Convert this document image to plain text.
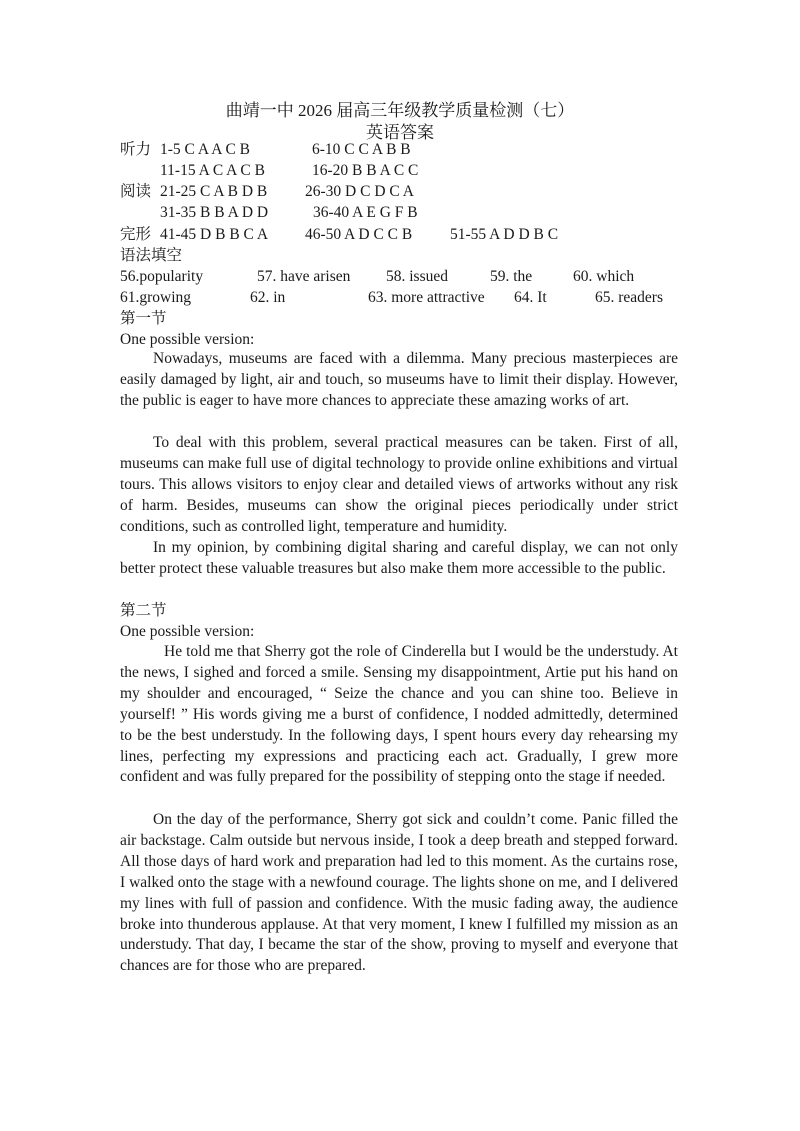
曲靖一中 2026 届高三年级教学质量检测（七）
英语答案
听力 1-5 C A A C B	6-10 C C A B B
11-15 A C A C B	16-20 B B A C C
阅读 21-25 C A B D B 26-30 D C D C A
31-35 B B A D D	36-40 A E G F B
完形 41-45 D B B C A 46-50 A D C C B 51-55 A D D B C
语法填空
56.popularity	57. have arisen 58. issued	59. the	60. which
61.growing	62. in	63. more attractive 64. It	65. readers
第一节
One possible version:
Nowadays, museums are faced with a dilemma. Many precious masterpieces are easily damaged by light, air and touch, so museums have to limit their display. However, the public is eager to have more chances to appreciate these amazing works of art.
To deal with this problem, several practical measures can be taken. First of all, museums can make full use of digital technology to provide online exhibitions and virtual tours. This allows visitors to enjoy clear and detailed views of artworks without any risk of harm. Besides, museums can show the original pieces periodically under strict conditions, such as controlled light, temperature and humidity.
In my opinion, by combining digital sharing and careful display, we can not only better protect these valuable treasures but also make them more accessible to the public.
第二节
One possible version:
He told me that Sherry got the role of Cinderella but I would be the understudy. At the news, I sighed and forced a smile. Sensing my disappointment, Artie put his hand on my shoulder and encouraged, “ Seize the chance and you can shine too. Believe in yourself! ” His words giving me a burst of confidence, I nodded admittedly, determined to be the best understudy. In the following days, I spent hours every day rehearsing my lines, perfecting my expressions and practicing each act. Gradually, I grew more confident and was fully prepared for the possibility of stepping onto the stage if needed.
On the day of the performance, Sherry got sick and couldn’t come. Panic filled the air backstage. Calm outside but nervous inside, I took a deep breath and stepped forward. All those days of hard work and preparation had led to this moment. As the curtains rose, I walked onto the stage with a newfound courage. The lights shone on me, and I delivered my lines with full of passion and confidence. With the music fading away, the audience broke into thunderous applause. At that very moment, I knew I fulfilled my mission as an understudy. That day, I became the star of the show, proving to myself and everyone that chances are for those who are prepared.
